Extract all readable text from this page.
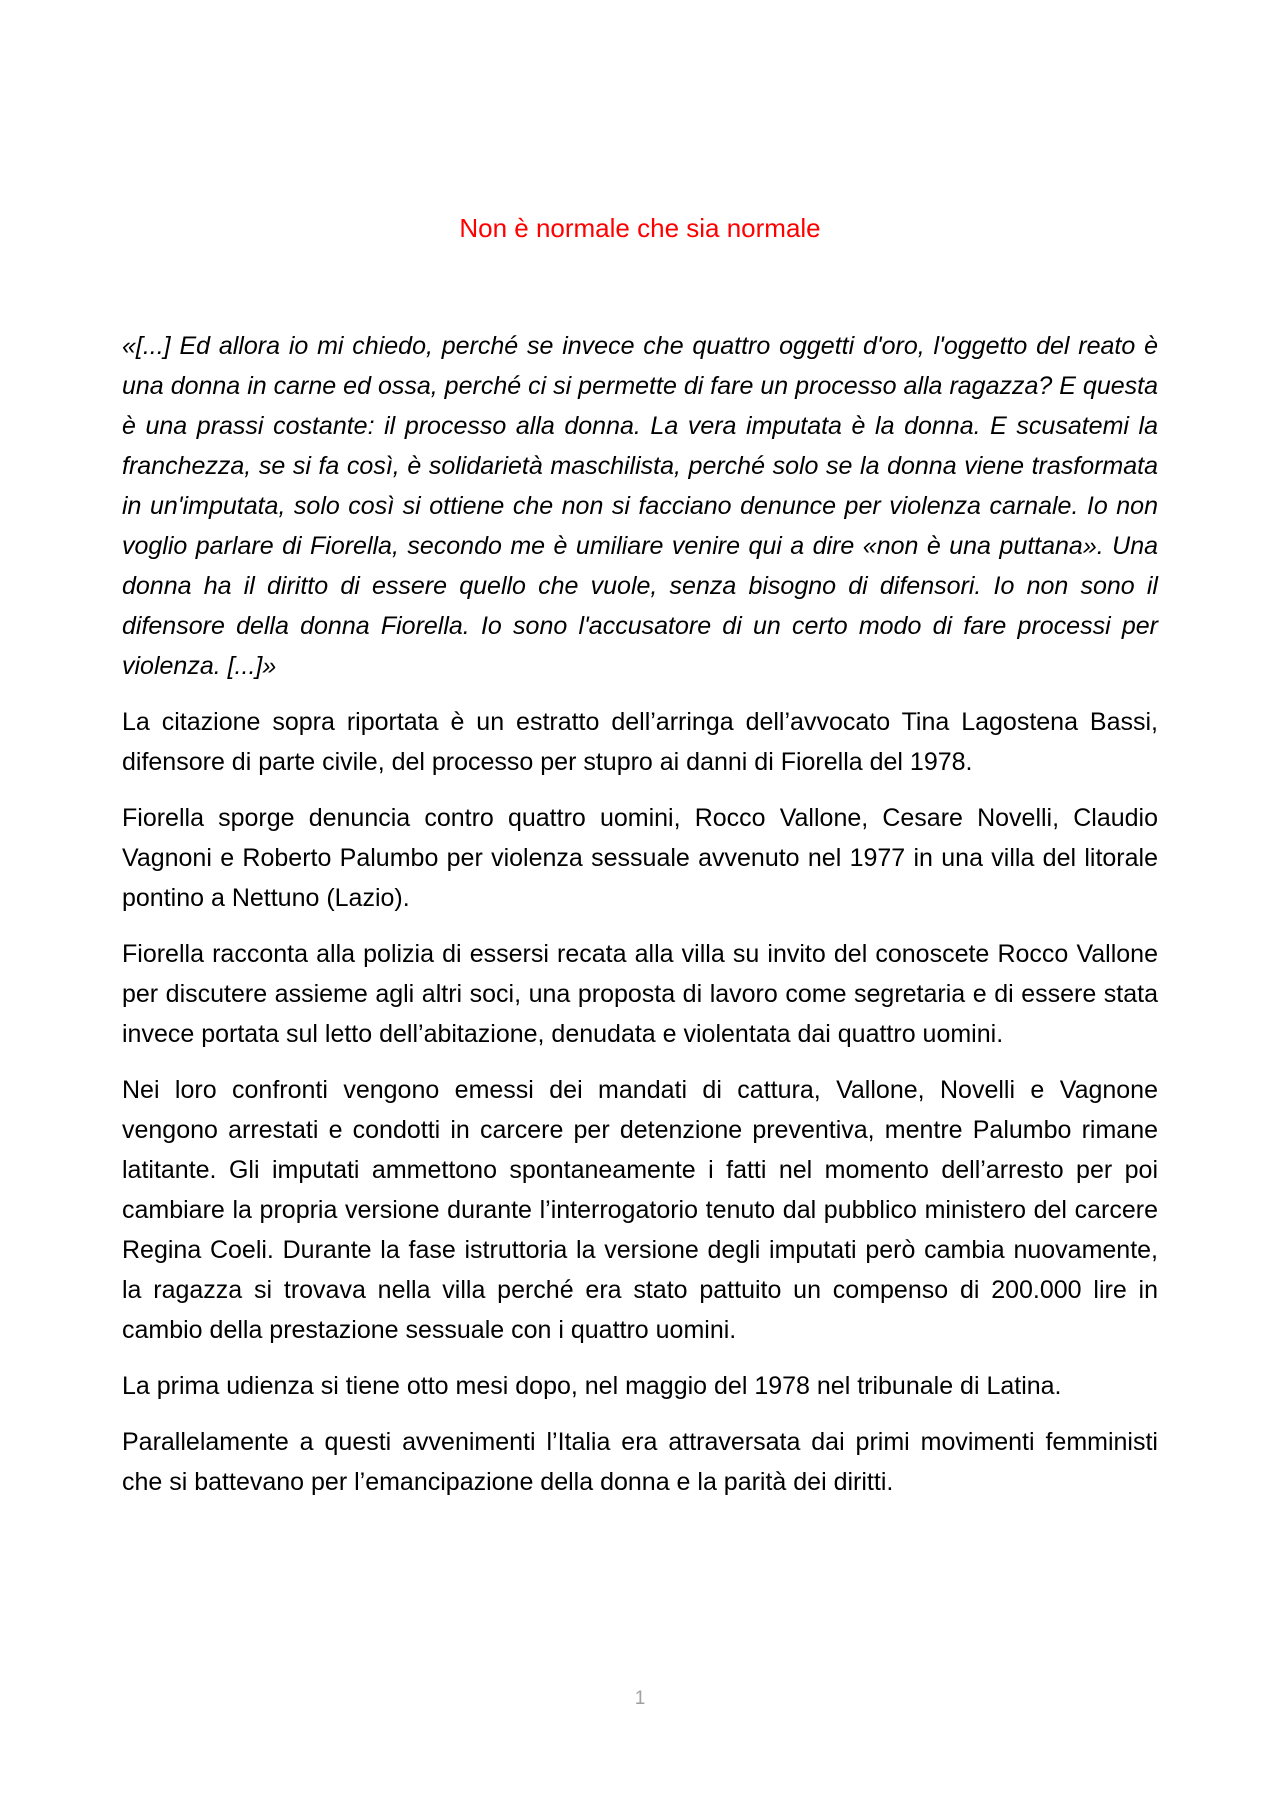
Non è normale che sia normale

«[...] Ed allora io mi chiedo, perché se invece che quattro oggetti d'oro, l'oggetto del reato è una donna in carne ed ossa, perché ci si permette di fare un processo alla ragazza? E questa è una prassi costante: il processo alla donna. La vera imputata è la donna. E scusatemi la franchezza, se si fa così, è solidarietà maschilista, perché solo se la donna viene trasformata in un'imputata, solo così si ottiene che non si facciano denunce per violenza carnale. Io non voglio parlare di Fiorella, secondo me è umiliare venire qui a dire «non è una puttana». Una donna ha il diritto di essere quello che vuole, senza bisogno di difensori. Io non sono il difensore della donna Fiorella. Io sono l'accusatore di un certo modo di fare processi per violenza. [...]»

La citazione sopra riportata è un estratto dell’arringa dell’avvocato Tina Lagostena Bassi, difensore di parte civile, del processo per stupro ai danni di Fiorella del 1978.

Fiorella sporge denuncia contro quattro uomini, Rocco Vallone, Cesare Novelli, Claudio Vagnoni e Roberto Palumbo per violenza sessuale avvenuto nel 1977 in una villa del litorale pontino a Nettuno (Lazio).

Fiorella racconta alla polizia di essersi recata alla villa su invito del conoscete Rocco Vallone per discutere assieme agli altri soci, una proposta di lavoro come segretaria e di essere stata invece portata sul letto dell’abitazione, denudata e violentata dai quattro uomini.

Nei loro confronti vengono emessi dei mandati di cattura, Vallone, Novelli e Vagnone vengono arrestati e condotti in carcere per detenzione preventiva, mentre Palumbo rimane latitante. Gli imputati ammettono spontaneamente i fatti nel momento dell’arresto per poi cambiare la propria versione durante l’interrogatorio tenuto dal pubblico ministero del carcere Regina Coeli. Durante la fase istruttoria la versione degli imputati però cambia nuovamente, la ragazza si trovava nella villa perché era stato pattuito un compenso di 200.000 lire in cambio della prestazione sessuale con i quattro uomini.

La prima udienza si tiene otto mesi dopo, nel maggio del 1978 nel tribunale di Latina.

Parallelamente a questi avvenimenti l’Italia era attraversata dai primi movimenti femministi che si battevano per l’emancipazione della donna e la parità dei diritti.

1
